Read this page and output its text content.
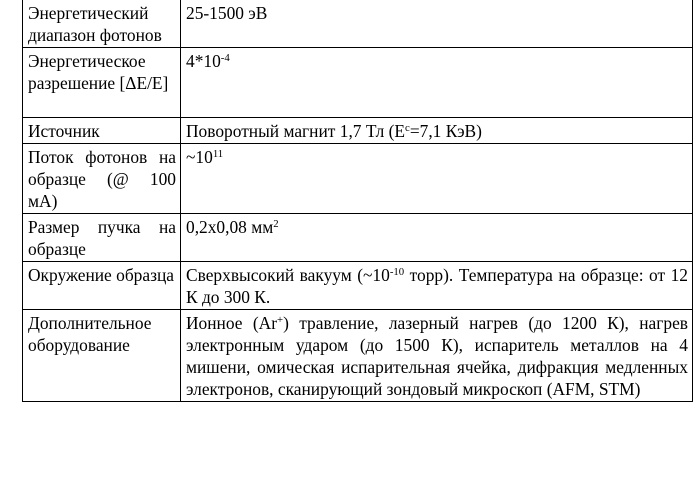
Энергетический диапазон фотонов	25-1500 эВ
Энергетическое разрешение [ΔE/E]	$4*10^{-4}$
Источник	Поворотный магнит 1,7 Тл ($E^c=7,1$ КэВ)
Поток фотонов на образце (@ 100 мА)	$\sim 10^{11}$
Размер пучка на образце	0,2x0,08 $мм^2$
Окружение образца	Сверхвысокий вакуум ($\sim 10^{-10}$ торр). Температура на образце: от 12 К до 300 К.
Дополнительное оборудование	Ионное (Ar+) травление, лазерный нагрев (до 1200 К), нагрев электронным ударом (до 1500 К), испаритель металлов на 4 мишени, омическая испарительная ячейка, дифракция медленных электронов, сканирующий зондовый микроскоп (AFM, STM)
